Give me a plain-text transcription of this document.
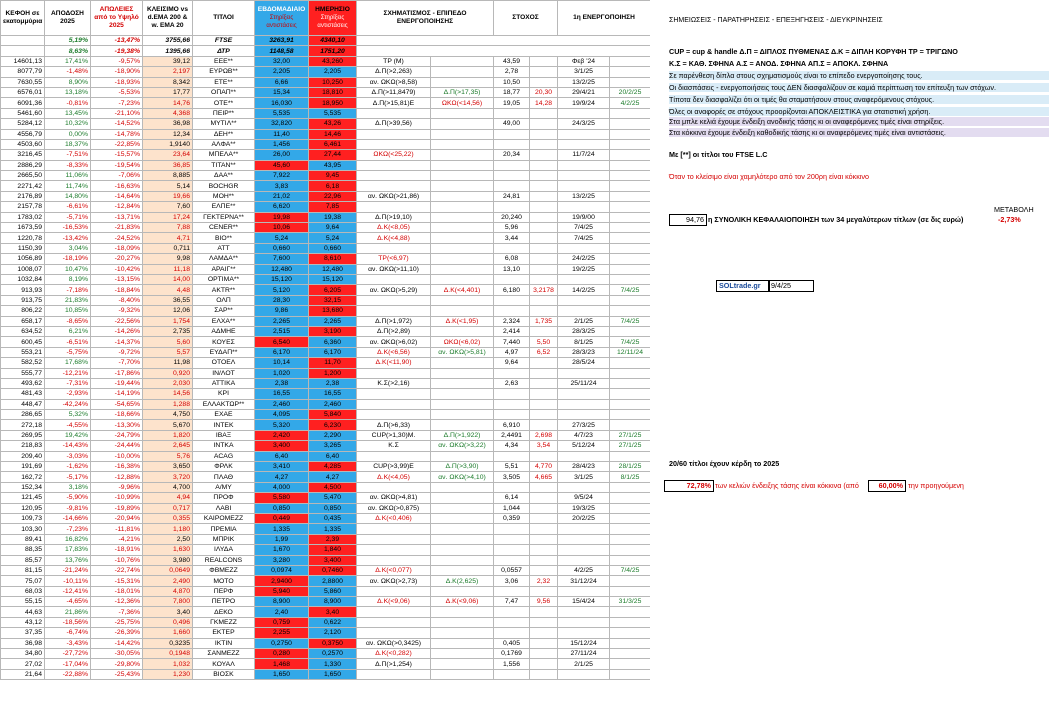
ΚΕΦΟΗ σε εκατομμύρια	ΑΠΟΔΟΣΗ 2025	ΑΠΩΛΕΙΕΣ από το Υψηλό 2025	ΚΛΕΙΣΙΜΟ vs d.EMA 200 & w. EMA 20	ΤΙΤΛΟΙ	ΕΒΔΟΜΑΔΙΑΙΟ
Στηρίξεις αντιστάσεις	ΗΜΕΡΗΣΙΟ
Στηρίξεις αντιστάσεις	ΣΧΗΜΑΤΙΣΜΟΣ - ΕΠΙΠΕΔΟ ΕΝΕΡΓΟΠΟΙΗΣΗΣ		ΣΤΟΧΟΣ		1η ΕΝΕΡΓΟΠΟΙΗΣΗ	
	5,19%	-13,47%	3755,66	FTSE	3263,91	4340,10						
	8,63%	-19,38%	1395,66	ΔΤΡ	1148,58	1751,20						
14601,13	17,41%	-9,57%	39,12	ΕΕΕ**	32,00	43,260	TP (Μ)		43,59		Φεβ '24	
8077,79	-1,48%	-18,90%	2,197	ΕΥΡΩΒ**	2,205	2,205	Δ.Π(>2,263)		2,78		3/1/25	
7630,55	8,90%	-18,93%	8,342	ΕΤΕ**	6,66	10,250	αν. ΩΚΩ(>8,58)		10,50		13/2/25	
6576,01	13,18%	-5,53%	17,77	ΟΠΑΠ**	15,34	18,810	Δ.Π(>11,8479)	Δ.Π(>17,35)	18,77	20,30	29/4/21	20/2/25
6091,36	-0,81%	-7,23%	14,76	ΟΤΕ**	16,030	18,950	Δ.Π(>15,81)Ε	ΩΚΩ(<14,56)	19,05	14,28	19/9/24	4/2/25
5461,60	13,45%	-21,10%	4,368	ΠΕΙΡ**	5,535	5,535						
5284,12	10,32%	-14,52%	36,98	ΜΥΤΙΛ**	32,820	43,26	Δ.Π(>39,56)		49,00		24/3/25	
4556,79	0,00%	-14,78%	12,34	ΔΕΗ**	11,40	14,46						
4503,60	18,37%	-22,85%	1,9140	ΑΛΦΑ**	1,456	6,461						
3216,45	-7,51%	-15,57%	23,64	ΜΠΕΛΑ**	26,00	27,44	ΩΚΩ(<25,22)		20,34		11/7/24	
2886,29	-8,33%	-19,54%	36,85	ΤΙΤΑΝ**	45,60	43,95						
2665,50	11,06%	-7,06%	8,885	ΔΑΑ**	7,922	9,45						
2271,42	11,74%	-16,63%	5,14	BOCHGR	3,83	6,18						
2176,89	14,80%	-14,64%	19,66	ΜΟΗ**	21,02	22,96	αν. ΩΚΩ(>21,86)		24,81		13/2/25	
2157,78	-6,61%	-12,84%	7,60	ΕΛΠΕ**	6,620	7,85						
1783,02	-5,71%	-13,71%	17,24	ΓΕΚΤΕΡΝΑ**	19,98	19,38	Δ.Π(>19,10)		20,240		19/9/00	
1673,59	-16,53%	-21,83%	7,88	CENER**	10,06	9,64	Δ.Κ(<8,05)		5,96		7/4/25	
1220,78	-13,42%	-24,52%	4,71	ΒΙΟ**	5,24	5,24	Δ.Κ(<4,88)		3,44		7/4/25	
1150,39	3,04%	-18,09%	0,711	ΑΤΤ	0,660	0,660						
1056,89	-18,19%	-20,27%	9,98	ΛΑΜΔΑ**	7,600	8,610	TP(<6,97)		6,08		24/2/25	
1008,07	10,47%	-10,42%	11,18	ΑΡΑΙΓ**	12,480	12,480	αν. ΩΚΩ(>11,10)		13,10		19/2/25	
1032,84	8,19%	-13,15%	14,00	ΟΡΤΙΜΑ**	15,120	15,120						
913,93	-7,18%	-18,84%	4,48	AKTR**	5,120	6,205	αν. ΩΚΩ(>5,29)	Δ.Κ(<4,401)	6,180	3,2178	14/2/25	7/4/25
913,75	21,83%	-8,40%	36,55	ΟΛΠ	28,30	32,15						
806,22	10,85%	-9,32%	12,06	ΣΑΡ**	9,86	13,680						
658,17	-8,65%	-22,56%	1,754	ΕΛΧΑ**	2,265	2,265	Δ.Π(>1,972)	Δ.Κ(<1,95)	2,324	1,735	2/1/25	7/4/25
634,52	6,21%	-14,26%	2,735	ΑΔΜΗΕ	2,515	3,190	Δ.Π(>2,89)		2,414		28/3/25	
600,45	-6,51%	-14,37%	5,60	ΚΟΥΕΣ	6,540	6,360	αν. ΩΚΩ(>6,02)	ΩΚΩ(<6,02)	7,440	5,50	8/1/25	7/4/25
553,21	-5,75%	-9,72%	5,57	ΕΥΔΑΠ**	6,170	6,170	Δ.Κ(<6,56)	αν. ΩΚΩ(>5,81)	4,97	6,52	28/3/23	12/11/24
582,52	17,68%	-7,70%	11,98	ΟΤΟΕΛ	10,14	11,70	Δ.Κ(<11,90)		9,64		28/5/24	
555,77	-12,21%	-17,86%	0,920	ΙΝ/ΛΟΤ	1,020	1,200						
493,62	-7,31%	-19,44%	2,030	ΑΤΤΙΚΑ	2,38	2,38	Κ.Σ(>2,16)		2,63		25/11/24	
481,43	-2,93%	-14,19%	14,56	ΚΡΙ	16,55	16,55						
448,47	-42,24%	-54,65%	1,288	ΕΛΛΑΚΤΩΡ**	2,460	2,460						
286,65	5,32%	-18,66%	4,750	ΕΧΑΕ	4,095	5,840						
272,18	-4,55%	-13,30%	5,670	INTEK	5,320	6,230	Δ.Π(>6,33)		6,910		27/3/25	
269,95	19,42%	-24,79%	1,820	ΙΒΑΞ	2,420	2,290	CUP(>1,30)Μ.	Δ.Π(>1,922)	2,4491	2,698	4/7/23	27/1/25
218,83	-14,43%	-24,44%	2,645	ΙΝΤΚΑ	3,400	3,265	Κ.Σ	αν. ΩΚΩ(>3,22)	4,34	3,54	5/12/24	27/1/25
209,40	-3,03%	-10,00%	5,76	ACAG	6,40	6,40						
191,69	-1,62%	-16,38%	3,650	ΦΡΛΚ	3,410	4,285	CUP(>3,99)Ε	Δ.Π(>3,90)	5,51	4,770	28/4/23	28/1/25
162,72	-5,17%	-12,88%	3,720	ΠΛΑΘ	4,27	4,27	Δ.Κ(<4,05)	αν. ΩΚΩ(>4,10)	3,505	4,665	3/1/25	8/1/25
152,34	3,18%	-9,96%	4,700	Α/ΜΥ	4,000	4,500						
121,45	-5,90%	-10,99%	4,94	ΠΡΟΦ	5,580	5,470	αν. ΩΚΩ(>4,81)		6,14		9/5/24	
120,95	-9,81%	-19,89%	0,717	ΛΑΒΙ	0,850	0,850	αν. ΩΚΩ(>0,875)		1,044		19/3/25	
109,73	-14,66%	-20,94%	0,355	ΚΑΙΡΟΜΕΖΖ	0,449	0,435	Δ.Κ(<0,406)		0,359		20/2/25	
103,30	-7,23%	-11,81%	1,180	ΠΡΕΜΙΑ	1,335	1,335						
89,41	16,82%	-4,21%	2,50	ΜΠΡΙΚ	1,99	2,39						
88,35	17,83%	-18,91%	1,630	ΙΛΥΔΑ	1,670	1,840						
85,57	13,76%	-10,76%	3,980	REALCONS	3,280	3,400						
81,15	-21,24%	-22,74%	0,0649	ΦΒΜΕΖΖ	0,0974	0,7460	Δ.Κ(<0,077)		0,0557		4/2/25	7/4/25
75,07	-10,11%	-15,31%	2,490	ΜΟΤΟ	2,9400	2,8800	αν. ΩΚΩ(>2,73)	Δ.Κ(2,625)	3,06	2,32	31/12/24	
68,03	-12,41%	-18,01%	4,870	ΠΕΡΦ	5,940	5,860						
55,15	-4,65%	-12,36%	7,800	ΠΕΤΡΟ	8,900	8,900	Δ.Κ(<9,06)	Δ.Κ(<9,06)	7,47	9,56	15/4/24	31/3/25
44,63	21,86%	-7,36%	3,40	ΔΕΚΟ	2,40	3,40						
43,12	-18,56%	-25,75%	0,496	ΓΚΜΕΖΖ	0,759	0,622						
37,35	-6,74%	-26,39%	1,660	ΕΚΤΕΡ	2,255	2,120						
36,98	-3,43%	-14,42%	0,3235	ΙΚΤΙΝ	0,2750	0,3750	αν. ΩΚΩ(>0,3425)		0,405		15/12/24	
34,80	-27,72%	-30,05%	0,1948	ΣΑΝΜΕΖΖ	0,280	0,2570	Δ.Κ(<0,282)		0,1769		27/11/24	
27,02	-17,04%	-29,80%	1,032	ΚΟΥΑΛ	1,468	1,330	Δ.Π(>1,254)		1,556		2/1/25	
21,64	-22,88%	-25,43%	1,230	ΒΙΟΣΚ	1,650	1,650						
ΣΗΜΕΙΩΣΕΙΣ - ΠΑΡΑΤΗΡΗΣΕΙΣ - ΕΠΕΞΗΓΗΣΕΙΣ - ΔΙΕΥΚΡΙΝΗΣΕΙΣ
CUP = cup & handle Δ.Π = ΔΙΠΛΟΣ ΠΥΘΜΕΝΑΣ Δ.Κ = ΔΙΠΛΗ ΚΟΡΥΦΗ ΤΡ = ΤΡΙΓΩΝΟ
Κ.Σ = ΚΑΘ. ΣΦΗΝΑ Α.Σ = ΑΝΟΔ. ΣΦΗΝΑ ΑΠ.Σ = ΑΠΟΚΛ. ΣΦΗΝΑ
Σε παρένθεση δίπλα στους σχηματισμούς είναι το επίπεδο ενεργοποίησης τους.
Οι διασπάσεις - ενεργοποιήσεις τους ΔΕΝ διασφαλίζουν σε καμιά περίπτωση τον επίτευξη των στόχων.
Τίποτα δεν διασφαλίζει ότι οι τιμές θα σταματήσουν στους αναφερόμενους στόχους.
Όλες οι αναφορές σε στόχους προορίζονται ΑΠΟΚΛΕΙΣΤΙΚΑ για στατιστική χρήση.
Στα μπλε κελιά έχουμε ένδειξη ανοδικής τάσης κι οι αναφερόμενες τιμές είναι στηρίξεις.
Στα κόκκινα έχουμε ένδειξη καθοδικής τάσης κι οι αναφερόμενες τιμές είναι αντιστάσεις.
Με [**] οι τίτλοι του FTSE L.C
Όταν το κλείσιμο είναι χαμηλότερο από τον 200ρη είναι κόκκινο
ΜΕΤΑΒΟΛΗ
94,76 η ΣΥΝΟΛΙΚΗ ΚΕΦΑΛΑΙΟΠΟΙΗΣΗ των 34 μεγαλύτερων τίτλων (σε δις ευρώ)	-2,73%
SOLtrade.gr	9/4/25
20/60 τίτλοι έχουν κέρδη το 2025
72,78% των κελιών ένδειξης τάσης είναι κόκκινα (από	60,00% την προηγούμενη
